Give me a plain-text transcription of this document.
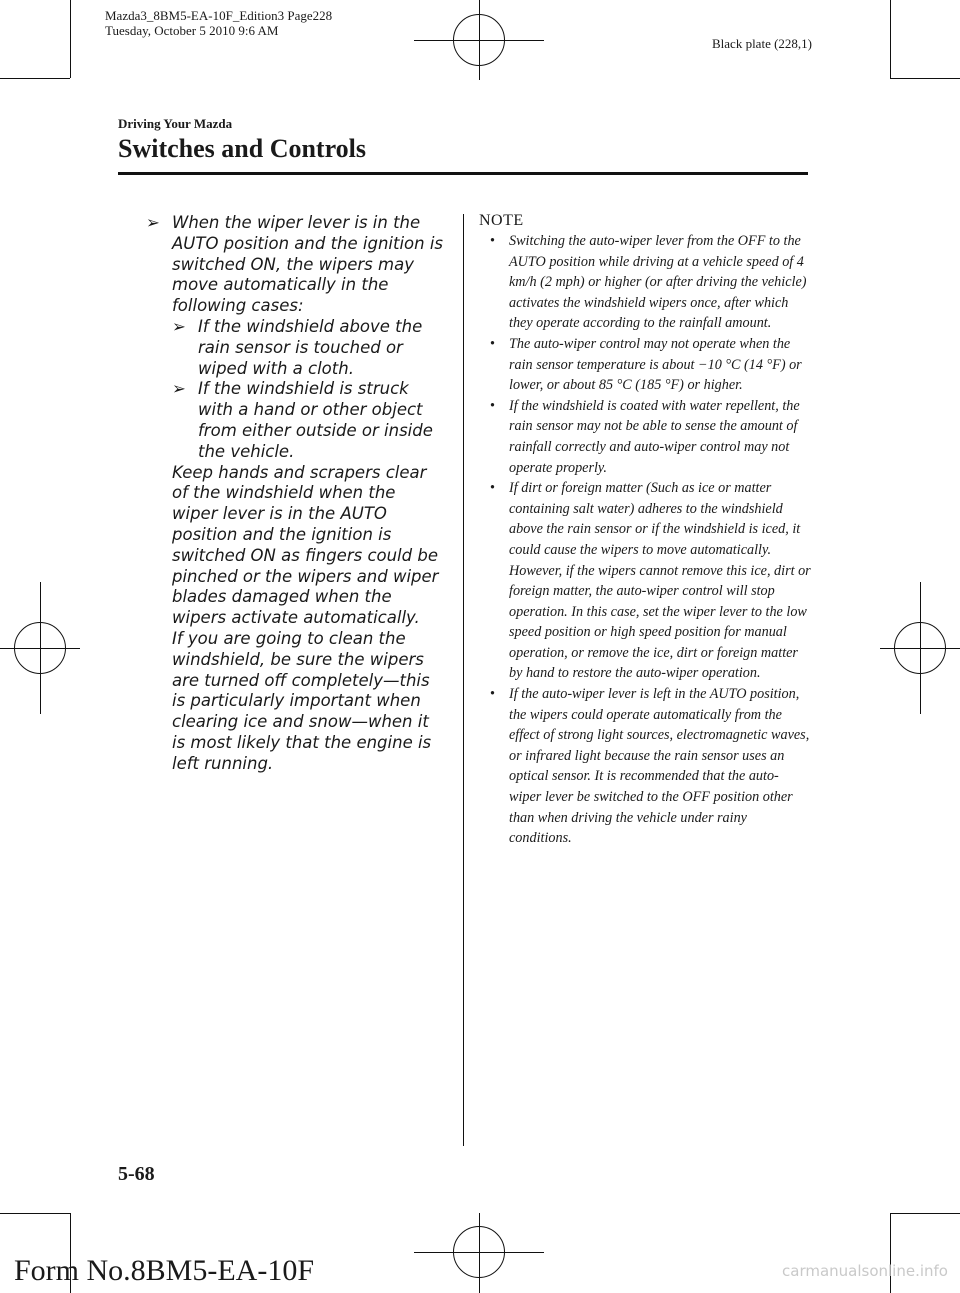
Mazda3_8BM5-EA-10F_Edition3 Page228
Tuesday, October 5 2010 9:6 AM
Black plate (228,1)
Driving Your Mazda
Switches and Controls
➢ When the wiper lever is in the AUTO position and the ignition is switched ON, the wipers may move automatically in the following cases:
➢ If the windshield above the rain sensor is touched or wiped with a cloth.
➢ If the windshield is struck with a hand or other object from either outside or inside the vehicle.
Keep hands and scrapers clear of the windshield when the wiper lever is in the AUTO position and the ignition is switched ON as fingers could be pinched or the wipers and wiper blades damaged when the wipers activate automatically.
If you are going to clean the windshield, be sure the wipers are turned off completely—this is particularly important when clearing ice and snow—when it is most likely that the engine is left running.
NOTE
• Switching the auto-wiper lever from the OFF to the AUTO position while driving at a vehicle speed of 4 km/h (2 mph) or higher (or after driving the vehicle) activates the windshield wipers once, after which they operate according to the rainfall amount.
• The auto-wiper control may not operate when the rain sensor temperature is about −10 °C (14 °F) or lower, or about 85 °C (185 °F) or higher.
• If the windshield is coated with water repellent, the rain sensor may not be able to sense the amount of rainfall correctly and auto-wiper control may not operate properly.
• If dirt or foreign matter (Such as ice or matter containing salt water) adheres to the windshield above the rain sensor or if the windshield is iced, it could cause the wipers to move automatically. However, if the wipers cannot remove this ice, dirt or foreign matter, the auto-wiper control will stop operation. In this case, set the wiper lever to the low speed position or high speed position for manual operation, or remove the ice, dirt or foreign matter by hand to restore the auto-wiper operation.
• If the auto-wiper lever is left in the AUTO position, the wipers could operate automatically from the effect of strong light sources, electromagnetic waves, or infrared light because the rain sensor uses an optical sensor. It is recommended that the auto-wiper lever be switched to the OFF position other than when driving the vehicle under rainy conditions.
5-68
Form No.8BM5-EA-10F	carmanualsonline.info
